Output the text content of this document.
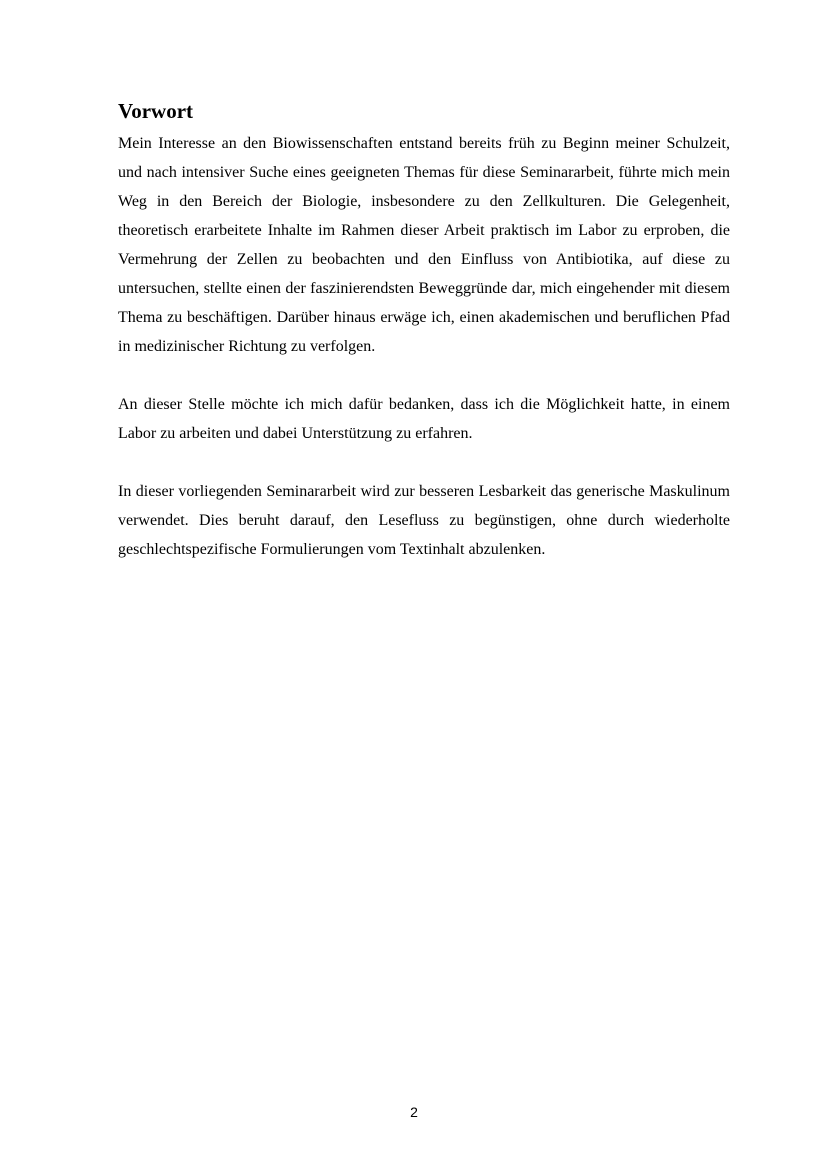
Vorwort

Mein Interesse an den Biowissenschaften entstand bereits früh zu Beginn meiner Schulzeit, und nach intensiver Suche eines geeigneten Themas für diese Seminararbeit, führte mich mein Weg in den Bereich der Biologie, insbesondere zu den Zellkulturen. Die Gelegenheit, theoretisch erarbeitete Inhalte im Rahmen dieser Arbeit praktisch im Labor zu erproben, die Vermehrung der Zellen zu beobachten und den Einfluss von Antibiotika, auf diese zu untersuchen, stellte einen der faszinierendsten Beweggründe dar, mich eingehender mit diesem Thema zu beschäftigen. Darüber hinaus erwäge ich, einen akademischen und beruflichen Pfad in medizinischer Richtung zu verfolgen.

An dieser Stelle möchte ich mich dafür bedanken, dass ich die Möglichkeit hatte, in einem Labor zu arbeiten und dabei Unterstützung zu erfahren.

In dieser vorliegenden Seminararbeit wird zur besseren Lesbarkeit das generische Maskulinum verwendet. Dies beruht darauf, den Lesefluss zu begünstigen, ohne durch wiederholte geschlechtspezifische Formulierungen vom Textinhalt abzulenken.

2
